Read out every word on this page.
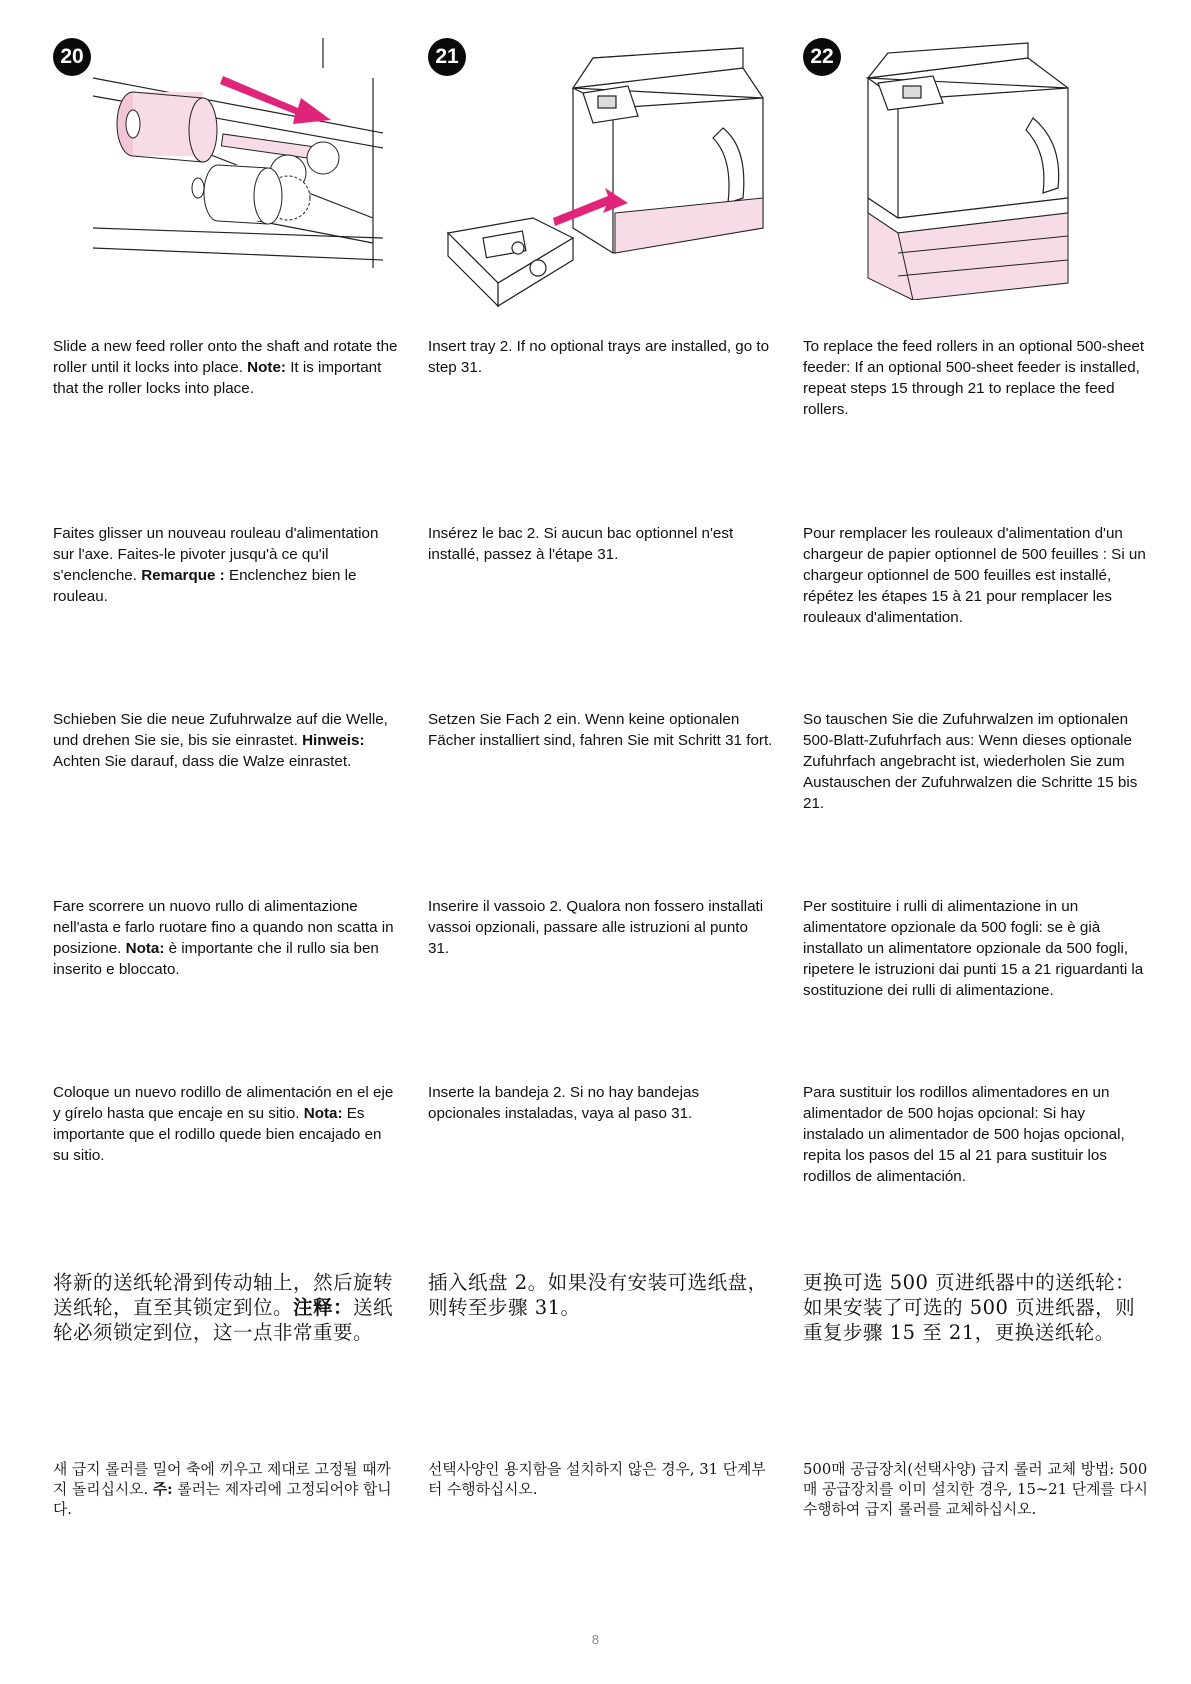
20

Slide a new feed roller onto the shaft and rotate the roller until it locks into place. Note: It is important that the roller locks into place.

Faites glisser un nouveau rouleau d'alimentation sur l'axe. Faites-le pivoter jusqu'à ce qu'il s'enclenche. Remarque : Enclenchez bien le rouleau.

Schieben Sie die neue Zufuhrwalze auf die Welle, und drehen Sie sie, bis sie einrastet. Hinweis: Achten Sie darauf, dass die Walze einrastet.

Fare scorrere un nuovo rullo di alimentazione nell'asta e farlo ruotare fino a quando non scatta in posizione. Nota: è importante che il rullo sia ben inserito e bloccato.

Coloque un nuevo rodillo de alimentación en el eje y gírelo hasta que encaje en su sitio. Nota: Es importante que el rodillo quede bien encajado en su sitio.

将新的送纸轮滑到传动轴上，然后旋转送纸轮，直至其锁定到位。注释：送纸轮必须锁定到位，这一点非常重要。

새 급지 롤러를 밀어 축에 끼우고 제대로 고정될 때까지 돌리십시오. 주: 롤러는 제자리에 고정되어야 합니다.

21

Insert tray 2. If no optional trays are installed, go to step 31.

Insérez le bac 2. Si aucun bac optionnel n'est installé, passez à l'étape 31.

Setzen Sie Fach 2 ein. Wenn keine optionalen Fächer installiert sind, fahren Sie mit Schritt 31 fort.

Inserire il vassoio 2. Qualora non fossero installati vassoi opzionali, passare alle istruzioni al punto 31.

Inserte la bandeja 2. Si no hay bandejas opcionales instaladas, vaya al paso 31.

插入纸盘 2。如果没有安装可选纸盘，则转至步骤 31。

선택사양인 용지함을 설치하지 않은 경우, 31 단계부터 수행하십시오.

22

To replace the feed rollers in an optional 500-sheet feeder: If an optional 500-sheet feeder is installed, repeat steps 15 through 21 to replace the feed rollers.

Pour remplacer les rouleaux d'alimentation d'un chargeur de papier optionnel de 500 feuilles : Si un chargeur optionnel de 500 feuilles est installé, répétez les étapes 15 à 21 pour remplacer les rouleaux d'alimentation.

So tauschen Sie die Zufuhrwalzen im optionalen 500-Blatt-Zufuhrfach aus: Wenn dieses optionale Zufuhrfach angebracht ist, wiederholen Sie zum Austauschen der Zufuhrwalzen die Schritte 15 bis 21.

Per sostituire i rulli di alimentazione in un alimentatore opzionale da 500 fogli: se è già installato un alimentatore opzionale da 500 fogli, ripetere le istruzioni dai punti 15 a 21 riguardanti la sostituzione dei rulli di alimentazione.

Para sustituir los rodillos alimentadores en un alimentador de 500 hojas opcional: Si hay instalado un alimentador de 500 hojas opcional, repita los pasos del 15 al 21 para sustituir los rodillos de alimentación.

更换可选 500 页进纸器中的送纸轮：如果安装了可选的 500 页进纸器，则重复步骤 15 至 21，更换送纸轮。

500매 공급장치(선택사양) 급지 롤러 교체 방법: 500매 공급장치를 이미 설치한 경우, 15~21 단계를 다시 수행하여 급지 롤러를 교체하십시오.

8
